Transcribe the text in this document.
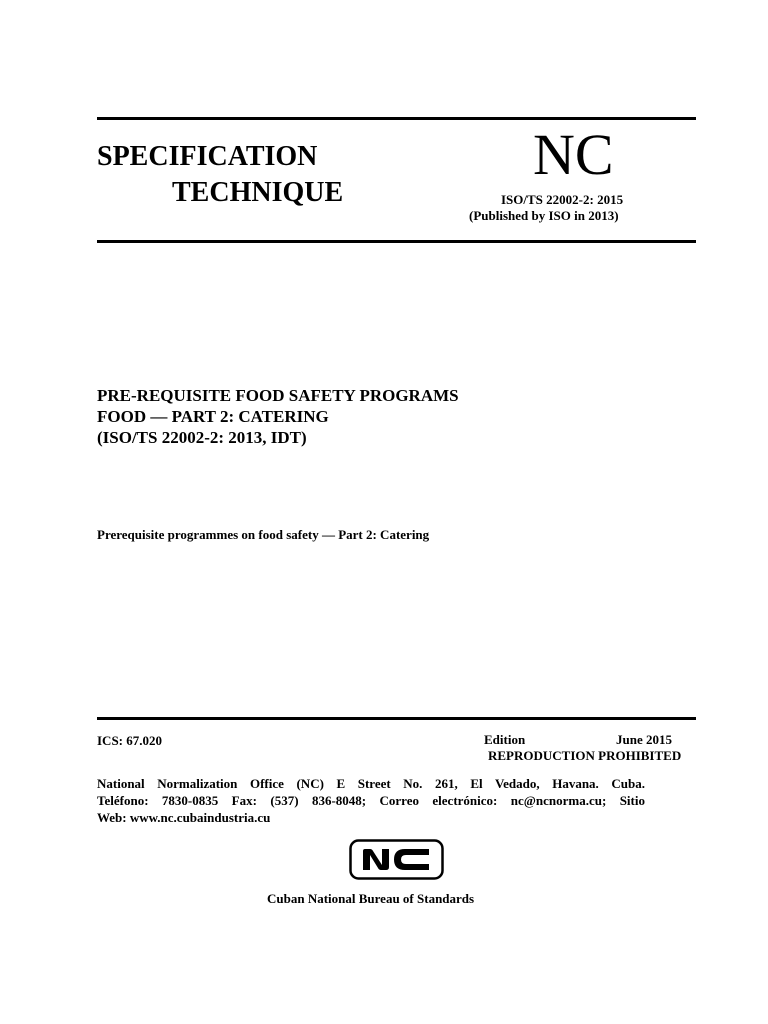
SPECIFICATION
TECHNIQUE
NC
ISO/TS 22002-2: 2015
(Published by ISO in 2013)
PRE-REQUISITE FOOD SAFETY PROGRAMS
FOOD — PART 2: CATERING
(ISO/TS 22002-2: 2013, IDT)
Prerequisite programmes on food safety — Part 2: Catering
ICS: 67.020	Edition	June 2015
REPRODUCTION PROHIBITED
National Normalization Office (NC) E Street No. 261, El Vedado, Havana. Cuba.
Teléfono: 7830-0835 Fax: (537) 836-8048; Correo electrónico: nc@ncnorma.cu; Sitio
Web: www.nc.cubaindustria.cu
Cuban National Bureau of Standards
